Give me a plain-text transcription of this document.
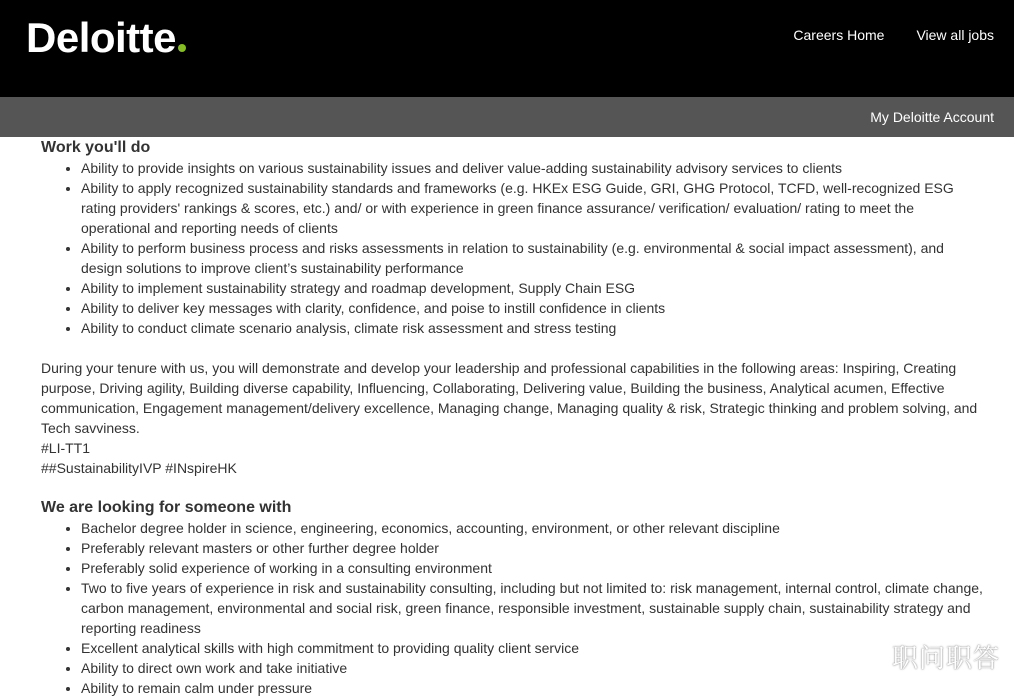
Deloitte	Careers Home View all jobs
My Deloitte Account
Work you'll do
• Ability to provide insights on various sustainability issues and deliver value-adding sustainability advisory services to clients
• Ability to apply recognized sustainability standards and frameworks (e.g. HKEx ESG Guide, GRI, GHG Protocol, TCFD, well-recognized ESG rating providers' rankings & scores, etc.) and/ or with experience in green finance assurance/ verification/ evaluation/ rating to meet the operational and reporting needs of clients
• Ability to perform business process and risks assessments in relation to sustainability (e.g. environmental & social impact assessment), and design solutions to improve client’s sustainability performance
• Ability to implement sustainability strategy and roadmap development, Supply Chain ESG
• Ability to deliver key messages with clarity, confidence, and poise to instill confidence in clients
• Ability to conduct climate scenario analysis, climate risk assessment and stress testing

During your tenure with us, you will demonstrate and develop your leadership and professional capabilities in the following areas: Inspiring, Creating purpose, Driving agility, Building diverse capability, Influencing, Collaborating, Delivering value, Building the business, Analytical acumen, Effective communication, Engagement management/delivery excellence, Managing change, Managing quality & risk, Strategic thinking and problem solving, and Tech savviness.

#LI-TT1

##SustainabilityIVP #INspireHK

We are looking for someone with
• Bachelor degree holder in science, engineering, economics, accounting, environment, or other relevant discipline
• Preferably relevant masters or other further degree holder
• Preferably solid experience of working in a consulting environment
• Two to five years of experience in risk and sustainability consulting, including but not limited to: risk management, internal control, climate change, carbon management, environmental and social risk, green finance, responsible investment, sustainable supply chain, sustainability strategy and reporting readiness
• Excellent analytical skills with high commitment to providing quality client service
• Ability to direct own work and take initiative
• Ability to remain calm under pressure
职问职答
